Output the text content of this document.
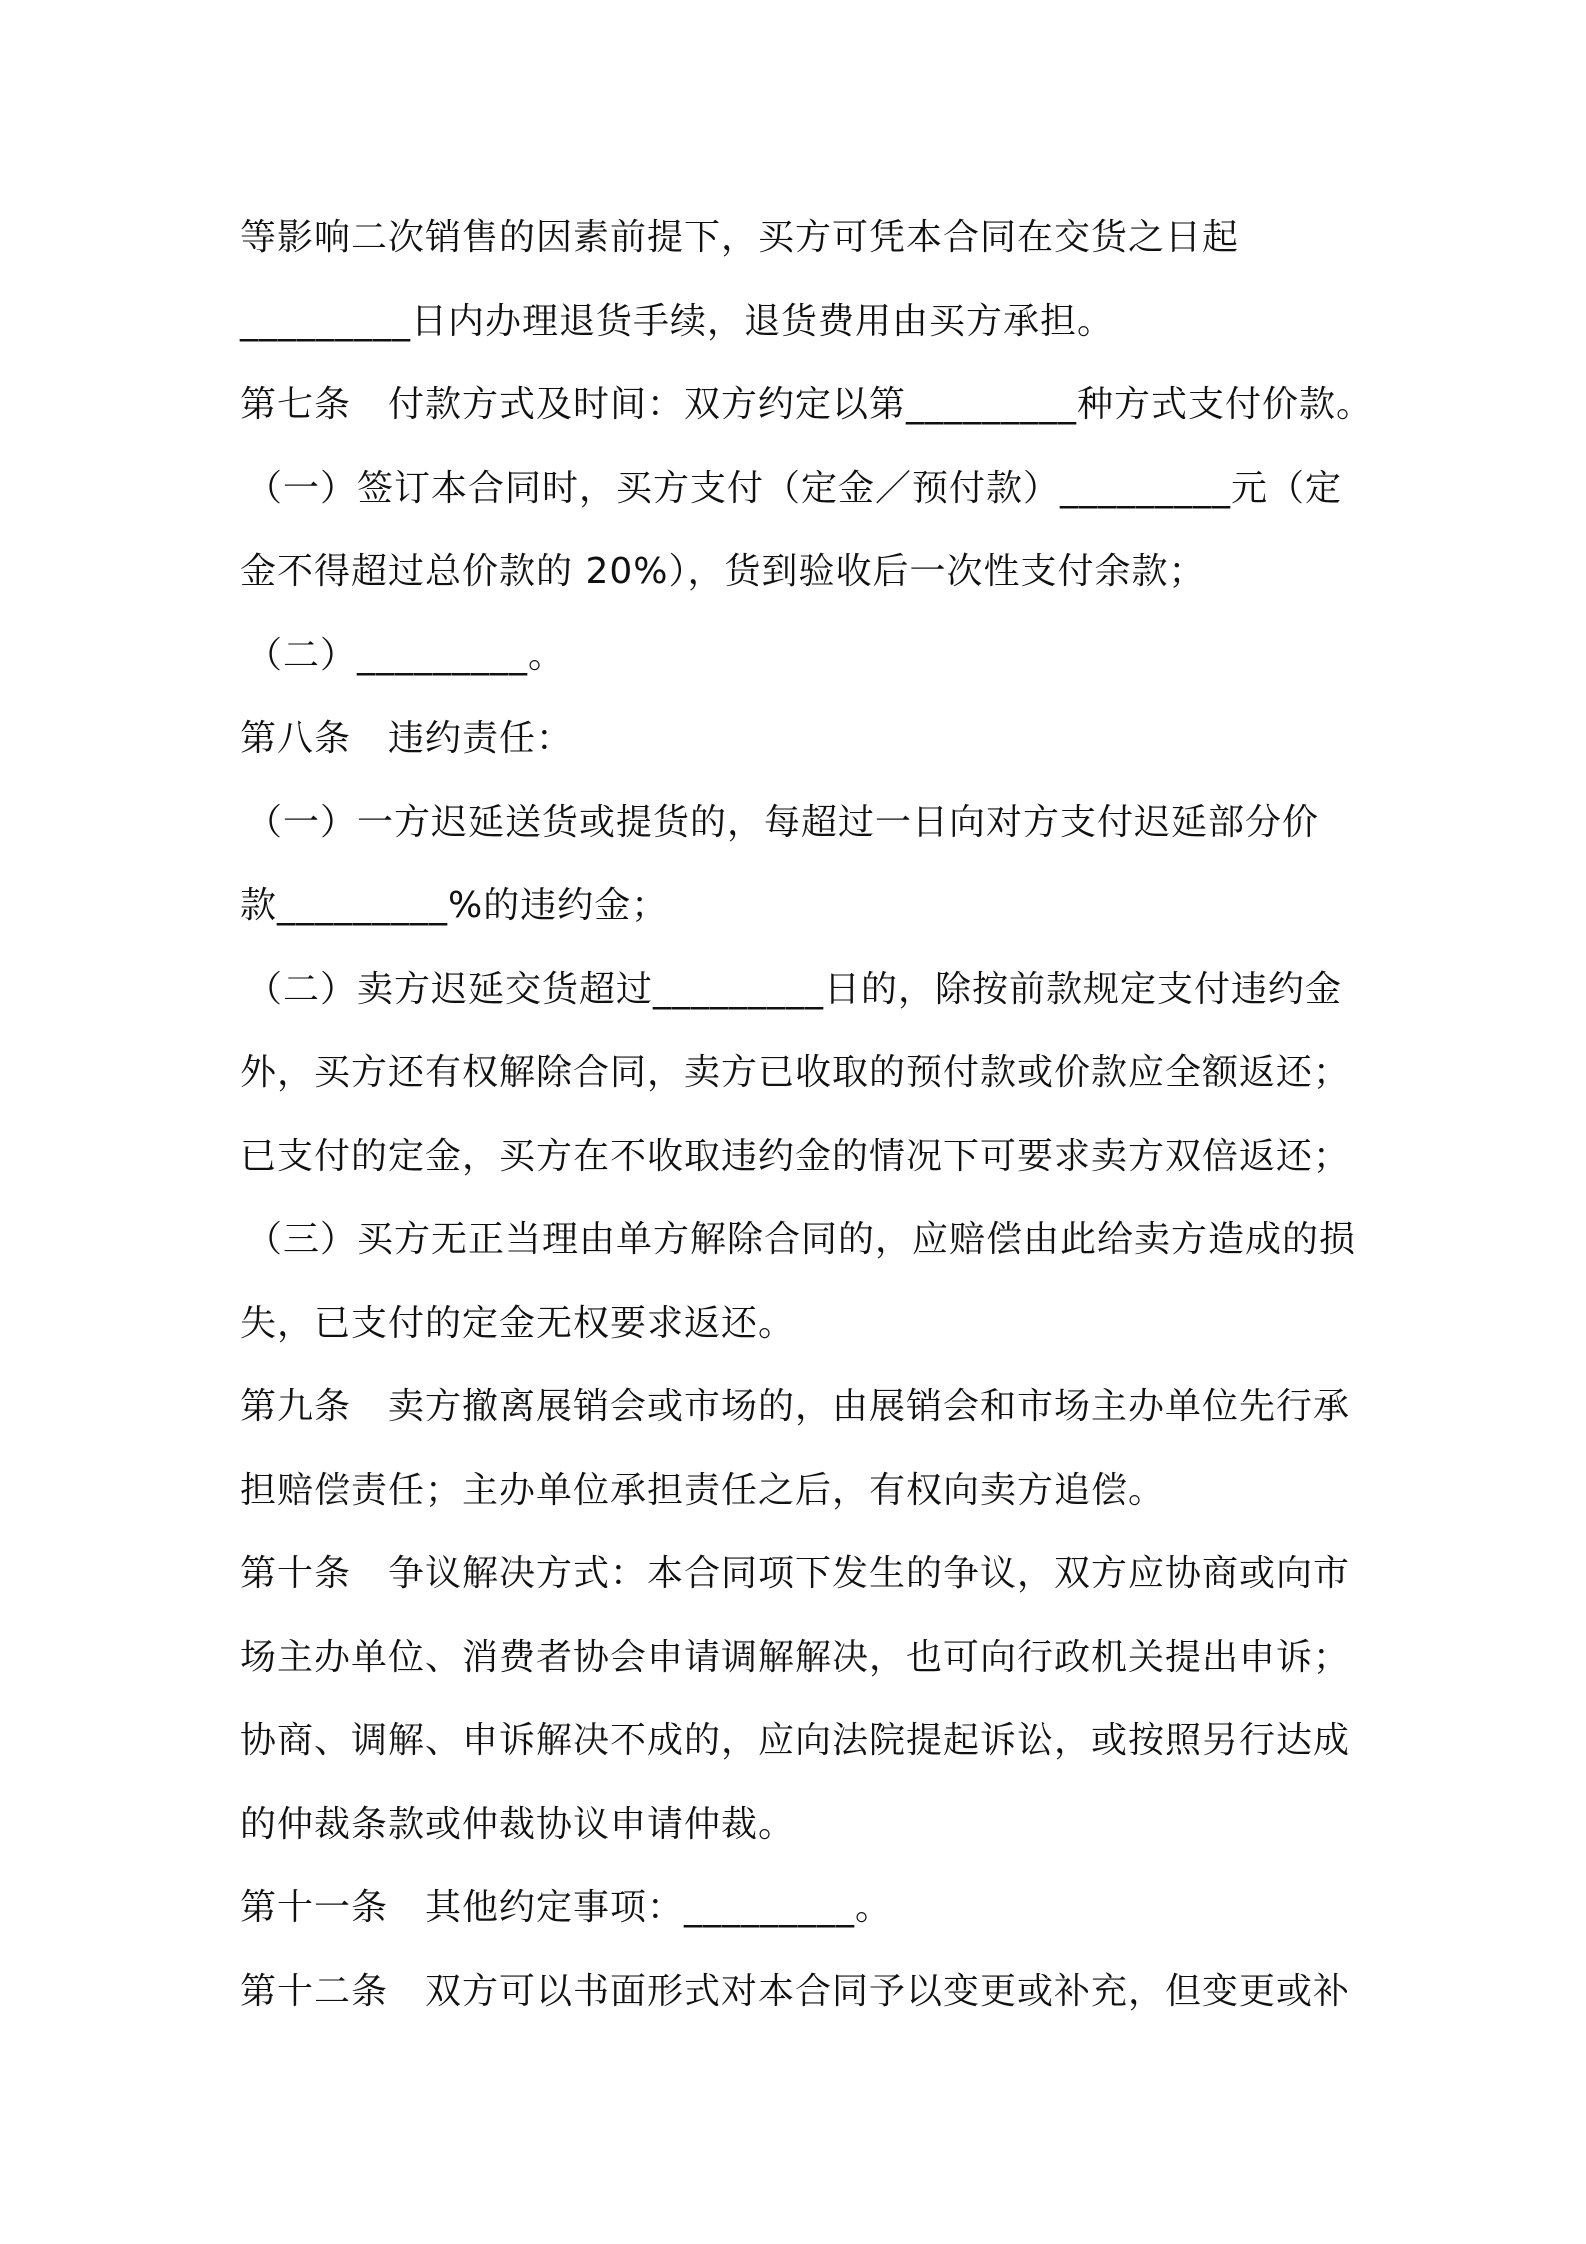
等影响二次销售的因素前提下，买方可凭本合同在交货之日起
_________日内办理退货手续，退货费用由买方承担。
第七条　付款方式及时间：双方约定以第_________种方式支付价款。
（一）签订本合同时，买方支付（定金／预付款）_________元（定
金不得超过总价款的 20%），货到验收后一次性支付余款；
（二）_________。
第八条　违约责任：
（一）一方迟延送货或提货的，每超过一日向对方支付迟延部分价
款_________%的违约金；
（二）卖方迟延交货超过_________日的，除按前款规定支付违约金
外，买方还有权解除合同，卖方已收取的预付款或价款应全额返还；
已支付的定金，买方在不收取违约金的情况下可要求卖方双倍返还；
（三）买方无正当理由单方解除合同的，应赔偿由此给卖方造成的损
失，已支付的定金无权要求返还。
第九条　卖方撤离展销会或市场的，由展销会和市场主办单位先行承
担赔偿责任；主办单位承担责任之后，有权向卖方追偿。
第十条　争议解决方式：本合同项下发生的争议，双方应协商或向市
场主办单位、消费者协会申请调解解决，也可向行政机关提出申诉；
协商、调解、申诉解决不成的，应向法院提起诉讼，或按照另行达成
的仲裁条款或仲裁协议申请仲裁。
第十一条　其他约定事项：_________。
第十二条　双方可以书面形式对本合同予以变更或补充，但变更或补
